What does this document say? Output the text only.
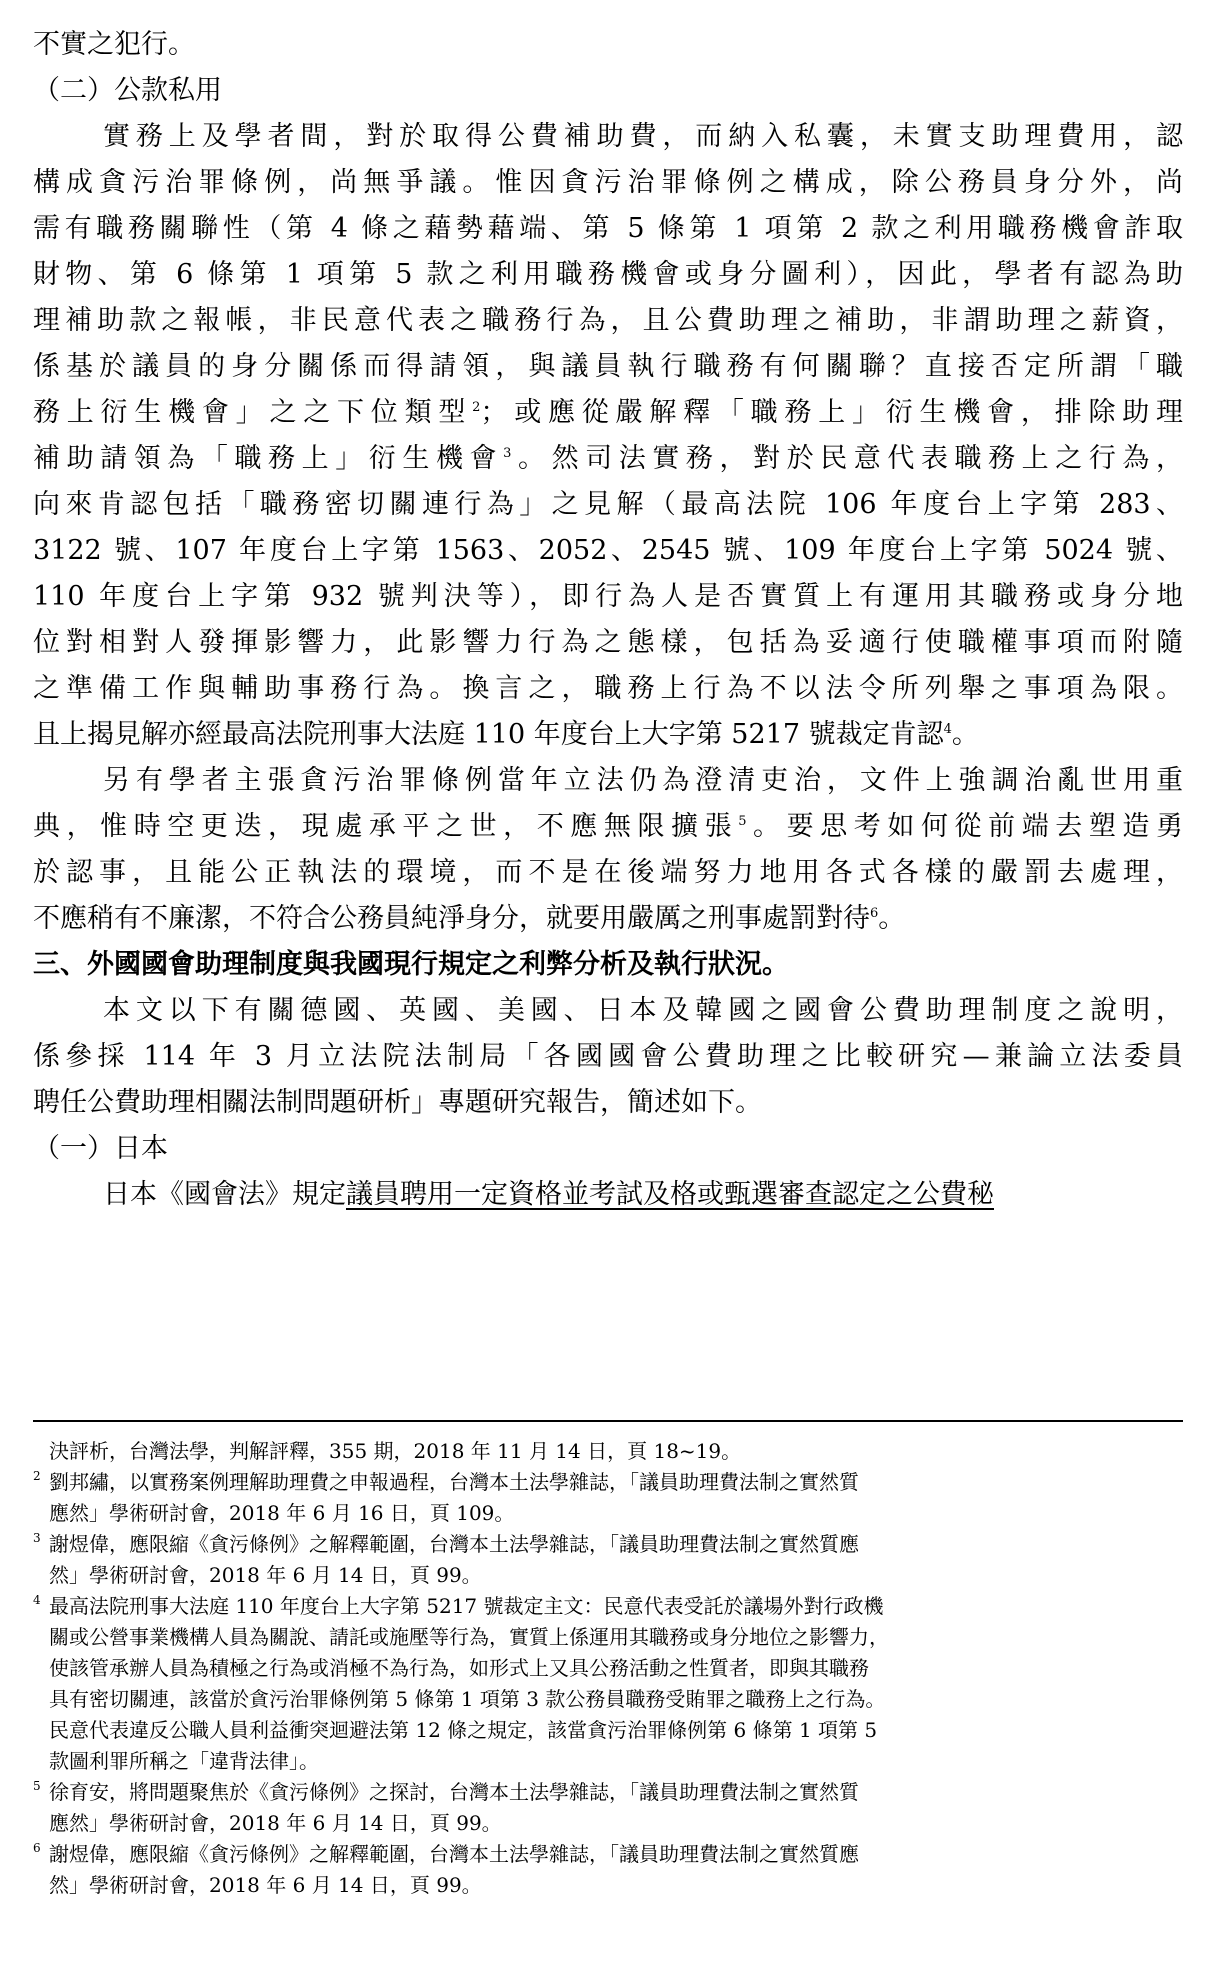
不實之犯行。
（二）公款私用
實務上及學者間，對於取得公費補助費，而納入私囊，未實支助理費用，認
構成貪污治罪條例，尚無爭議。惟因貪污治罪條例之構成，除公務員身分外，尚
需有職務關聯性（第 4 條之藉勢藉端、第 5 條第 1 項第 2 款之利用職務機會詐取
財物、第 6 條第 1 項第 5 款之利用職務機會或身分圖利），因此，學者有認為助
理補助款之報帳，非民意代表之職務行為，且公費助理之補助，非謂助理之薪資，
係基於議員的身分關係而得請領，與議員執行職務有何關聯？直接否定所謂「職
務上衍生機會」之之下位類型$^2$；或應從嚴解釋「職務上」衍生機會，排除助理
補助請領為「職務上」衍生機會$^3$。然司法實務，對於民意代表職務上之行為，
向來肯認包括「職務密切關連行為」之見解（最高法院 106 年度台上字第 283、
3122 號、107 年度台上字第 1563、2052、2545 號、109 年度台上字第 5024 號、
110 年度台上字第 932 號判決等），即行為人是否實質上有運用其職務或身分地
位對相對人發揮影響力，此影響力行為之態樣，包括為妥適行使職權事項而附隨
之準備工作與輔助事務行為。換言之，職務上行為不以法令所列舉之事項為限。
且上揭見解亦經最高法院刑事大法庭 110 年度台上大字第 5217 號裁定肯認$^4$。
另有學者主張貪污治罪條例當年立法仍為澄清吏治，文件上強調治亂世用重
典，惟時空更迭，現處承平之世，不應無限擴張$^5$。要思考如何從前端去塑造勇
於認事，且能公正執法的環境，而不是在後端努力地用各式各樣的嚴罰去處理，
不應稍有不廉潔，不符合公務員純淨身分，就要用嚴厲之刑事處罰對待$^6$。
三、外國國會助理制度與我國現行規定之利弊分析及執行狀況。
本文以下有關德國、英國、美國、日本及韓國之國會公費助理制度之說明，
係參採 114 年 3 月立法院法制局「各國國會公費助理之比較研究—兼論立法委員
聘任公費助理相關法制問題研析」專題研究報告，簡述如下。
（一）日本
日本《國會法》規定議員聘用一定資格並考試及格或甄選審查認定之公費秘
決評析，台灣法學，判解評釋，355 期，2018 年 11 月 14 日，頁 18~19。
2 劉邦繡，以實務案例理解助理費之申報過程，台灣本土法學雜誌，「議員助理費法制之實然質
應然」學術研討會，2018 年 6 月 16 日，頁 109。
3 謝煜偉，應限縮《貪污條例》之解釋範圍，台灣本土法學雜誌，「議員助理費法制之實然質應
然」學術研討會，2018 年 6 月 14 日，頁 99。
4 最高法院刑事大法庭 110 年度台上大字第 5217 號裁定主文：民意代表受託於議場外對行政機
關或公營事業機構人員為關說、請託或施壓等行為，實質上係運用其職務或身分地位之影響力，
使該管承辦人員為積極之行為或消極不為行為，如形式上又具公務活動之性質者，即與其職務
具有密切關連，該當於貪污治罪條例第 5 條第 1 項第 3 款公務員職務受賄罪之職務上之行為。
民意代表違反公職人員利益衝突迴避法第 12 條之規定，該當貪污治罪條例第 6 條第 1 項第 5
款圖利罪所稱之「違背法律」。
5 徐育安，將問題聚焦於《貪污條例》之探討，台灣本土法學雜誌，「議員助理費法制之實然質
應然」學術研討會，2018 年 6 月 14 日，頁 99。
6 謝煜偉，應限縮《貪污條例》之解釋範圍，台灣本土法學雜誌，「議員助理費法制之實然質應
然」學術研討會，2018 年 6 月 14 日，頁 99。
